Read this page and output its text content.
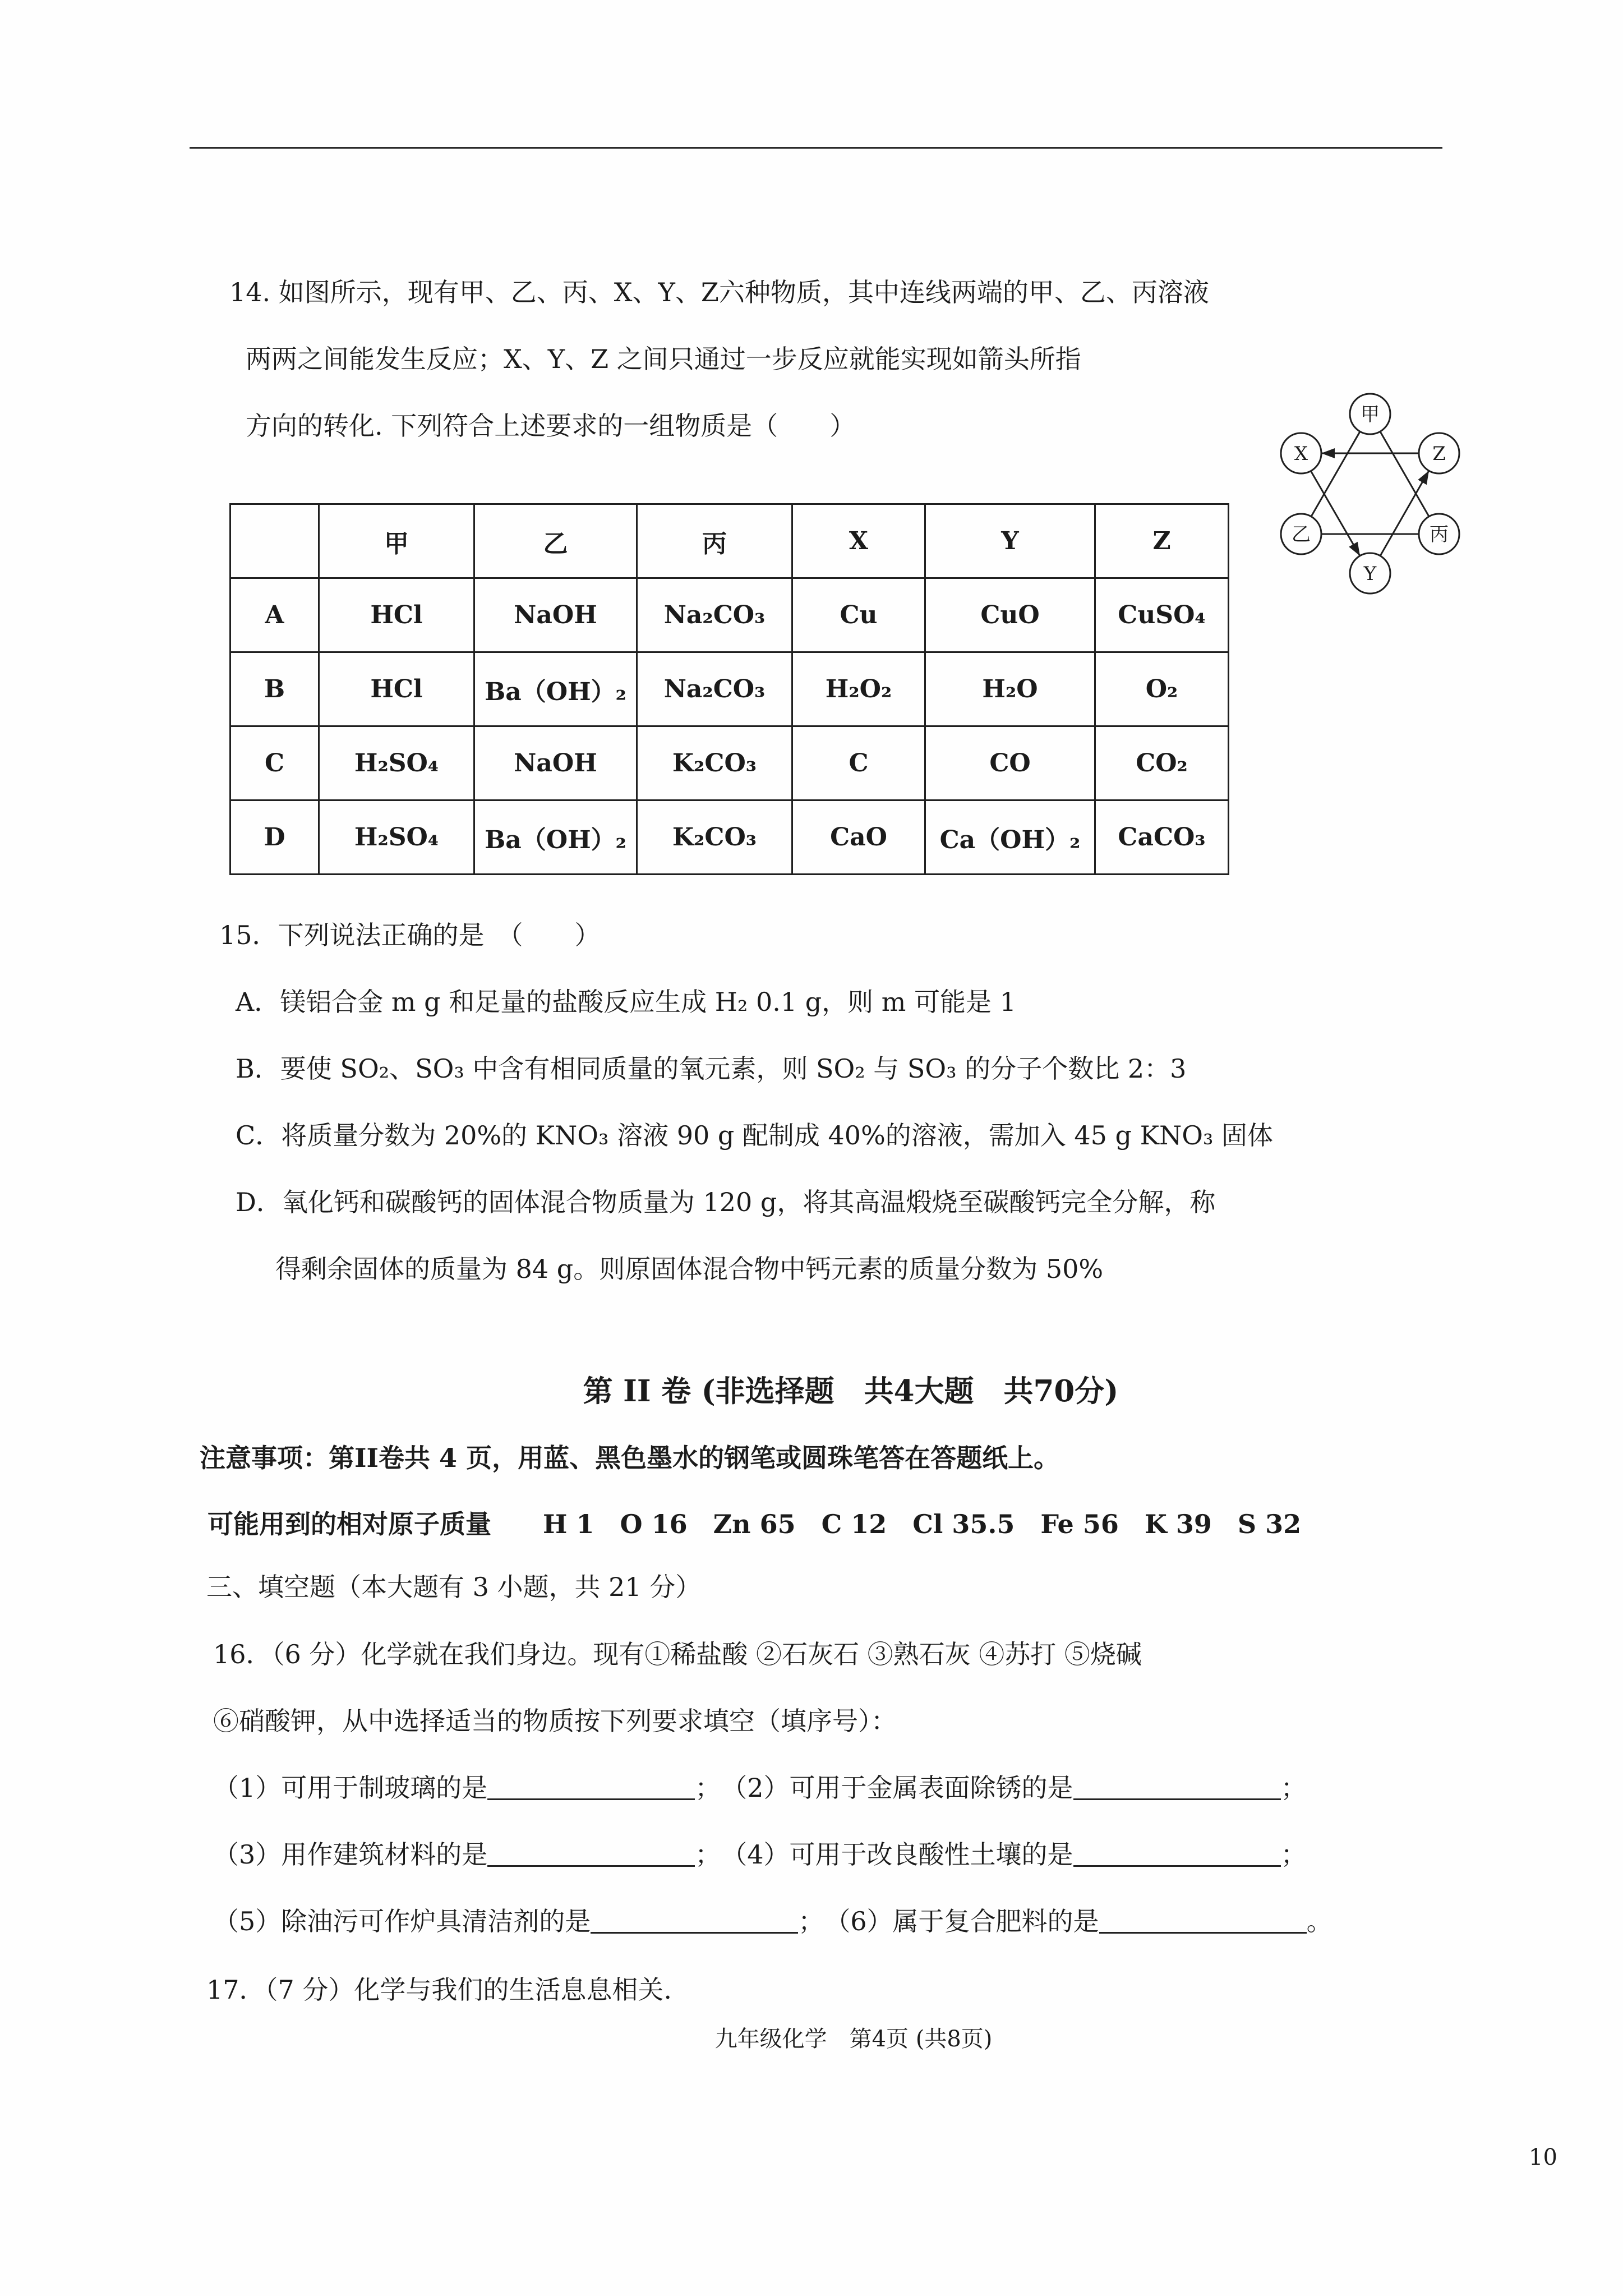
14. 如图所示，现有甲、乙、丙、X、Y、Z六种物质，其中连线两端的甲、乙、丙溶液
两两之间能发生反应；X、Y、Z 之间只通过一步反应就能实现如箭头所指
方向的转化. 下列符合上述要求的一组物质是（　　）	甲
Z
丙
Y
乙
X
	甲	乙	丙	X	Y	Z
A	HCl	NaOH	Na₂CO₃	Cu	CuO	CuSO₄
B	HCl	Ba（OH）₂	Na₂CO₃	H₂O₂	H₂O	O₂
C	H₂SO₄	NaOH	K₂CO₃	C	CO	CO₂
D	H₂SO₄	Ba（OH）₂	K₂CO₃	CaO	Ca（OH）₂	CaCO₃
15．下列说法正确的是　（　　）
A．镁铝合金 m g 和足量的盐酸反应生成 H₂ 0.1 g，则 m 可能是 1
B．要使 SO₂、SO₃ 中含有相同质量的氧元素，则 SO₂ 与 SO₃ 的分子个数比 2：3
C．将质量分数为 20%的 KNO₃ 溶液 90 g 配制成 40%的溶液，需加入 45 g KNO₃ 固体
D．氧化钙和碳酸钙的固体混合物质量为 120 g，将其高温煅烧至碳酸钙完全分解，称
得剩余固体的质量为 84 g。则原固体混合物中钙元素的质量分数为 50%
第 II 卷 (非选择题　共4大题　共70分)
注意事项：第II卷共 4 页，用蓝、黑色墨水的钢笔或圆珠笔答在答题纸上。
可能用到的相对原子质量　　H 1　O 16　Zn 65　C 12　Cl 35.5　Fe 56　K 39　S 32
三、填空题（本大题有 3 小题，共 21 分）
16．（6 分）化学就在我们身边。现有①稀盐酸 ②石灰石 ③熟石灰 ④苏打 ⑤烧碱
⑥硝酸钾，从中选择适当的物质按下列要求填空（填序号）：
（1）可用于制玻璃的是	； （2）可用于金属表面除锈的是	；
（3）用作建筑材料的是	； （4）可用于改良酸性土壤的是	；
（5）除油污可作炉具清洁剂的是	； （6）属于复合肥料的是	。
17．（7 分）化学与我们的生活息息相关.
九年级化学　第4页 (共8页)
10
